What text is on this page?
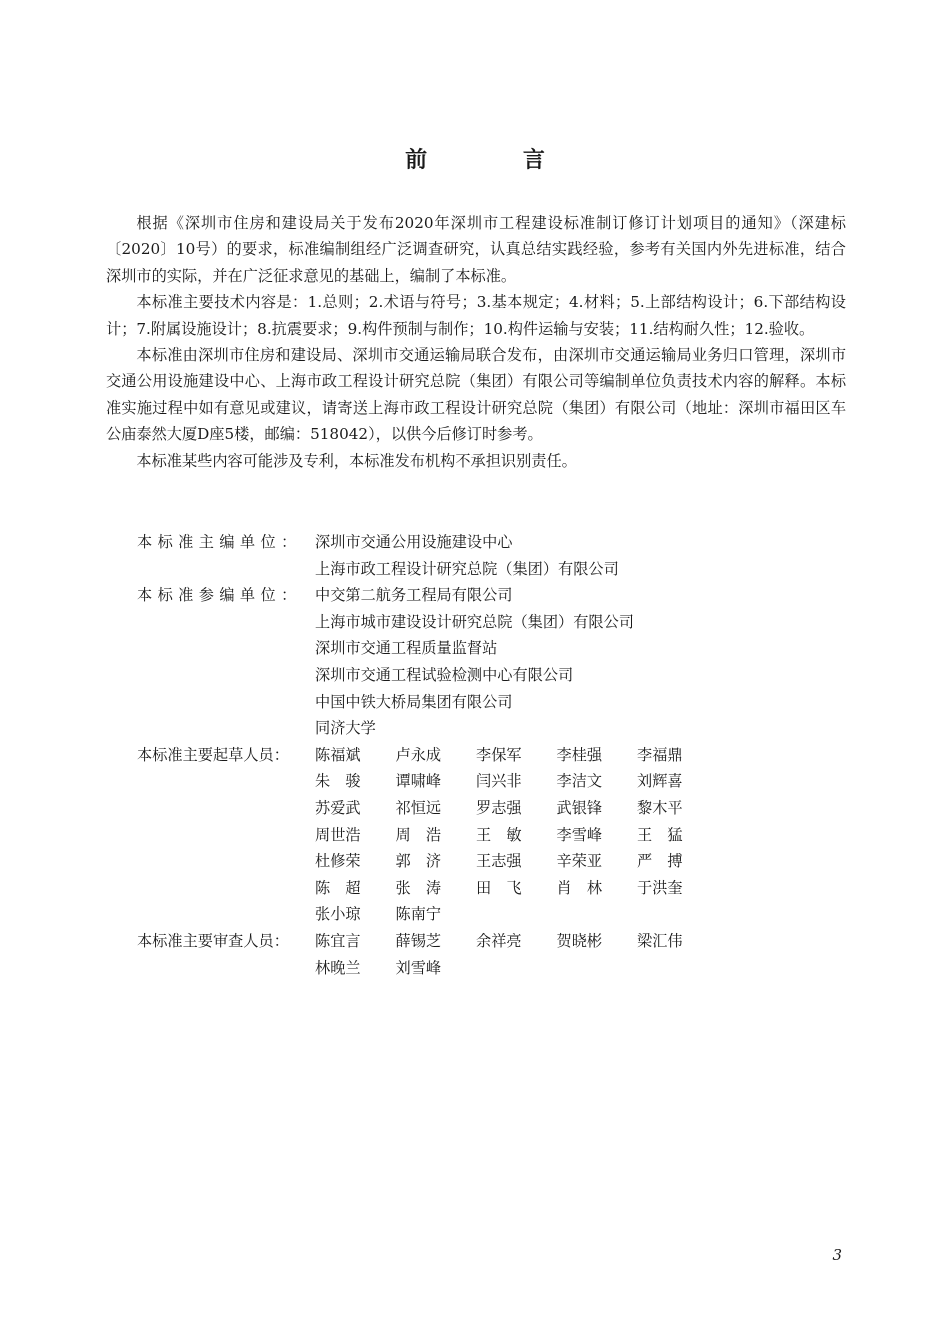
前 言

根据《深圳市住房和建设局关于发布2020年深圳市工程建设标准制订修订计划项目的通知》（深建标〔2020〕10号）的要求，标准编制组经广泛调查研究，认真总结实践经验，参考有关国内外先进标准，结合深圳市的实际，并在广泛征求意见的基础上，编制了本标准。

本标准主要技术内容是：1.总则；2.术语与符号；3.基本规定；4.材料；5.上部结构设计；6.下部结构设计；7.附属设施设计；8.抗震要求；9.构件预制与制作；10.构件运输与安装；11.结构耐久性；12.验收。

本标准由深圳市住房和建设局、深圳市交通运输局联合发布，由深圳市交通运输局业务归口管理，深圳市交通公用设施建设中心、上海市政工程设计研究总院（集团）有限公司等编制单位负责技术内容的解释。本标准实施过程中如有意见或建议，请寄送上海市政工程设计研究总院（集团）有限公司（地址：深圳市福田区车公庙泰然大厦D座5楼，邮编：518042），以供今后修订时参考。

本标准某些内容可能涉及专利，本标准发布机构不承担识别责任。

本标准主编单位： 深圳市交通公用设施建设中心
上海市政工程设计研究总院（集团）有限公司
本标准参编单位： 中交第二航务工程局有限公司
上海市城市建设设计研究总院（集团）有限公司
深圳市交通工程质量监督站
深圳市交通工程试验检测中心有限公司
中国中铁大桥局集团有限公司
同济大学
本标准主要起草人员：	陈福斌	卢永成	李保军	李桂强	李福鼎
朱　骏	谭啸峰	闫兴非	李洁文	刘辉喜
苏爱武	祁恒远	罗志强	武银锋	黎木平
周世浩	周　浩	王　敏	李雪峰	王　猛
杜修荣	郭　济	王志强	辛荣亚	严　搏
陈　超	张　涛	田　飞	肖　林	于洪奎
张小琼	陈南宁
本标准主要审查人员：	陈宜言	薛锡芝	余祥亮	贺晓彬	梁汇伟
林晚兰	刘雪峰
3
